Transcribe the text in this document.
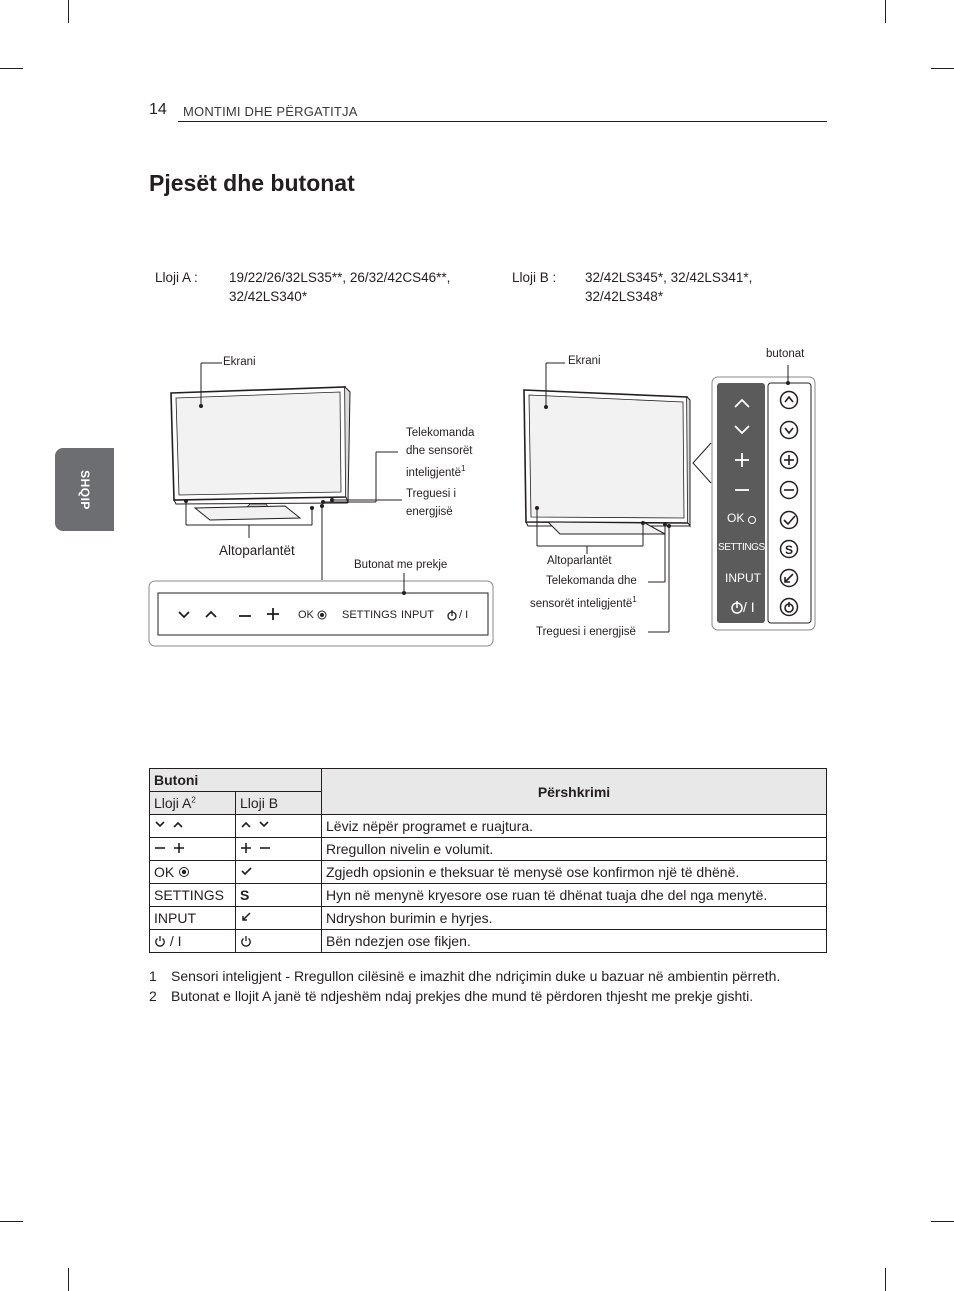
14 MONTIMI DHE PËRGATITJA
SHQIP
Pjesët dhe butonat
Lloji A : 19/22/26/32LS35**, 26/32/42CS46**,
32/42LS340*
Lloji B : 32/42LS345*, 32/42LS341*,
32/42LS348*
Ekrani
Telekomanda
dhe sensorët
inteligjentë$^1$
Treguesi i
energjisë
Altoparlantët
Butonat me prekje
OK	SETTINGS INPUT / I
S
Ekrani
butonat
Altoparlantët
Telekomanda dhe
sensorët inteligjentë$^1$
Treguesi i energjisë
OK
SETTINGS
INPUT
/ I
Butoni		Përshkrimi
Lloji $A^2$	Lloji B	
		Lëviz nëpër programet e ruajtura.
		Rregullon nivelin e volumit.
OK		Zgjedh opsionin e theksuar të menysë ose konfirmon një të dhënë.
SETTINGS	S	Hyn në menynë kryesore ose ruan të dhënat tuaja dhe del nga menytë.
INPUT		Ndryshon burimin e hyrjes.
/ I		Bën ndezjen ose fikjen.
1	Sensori inteligjent - Rregullon cilësinë e imazhit dhe ndriçimin duke u bazuar në ambientin përreth.
2	Butonat e llojit A janë të ndjeshëm ndaj prekjes dhe mund të përdoren thjesht me prekje gishti.
